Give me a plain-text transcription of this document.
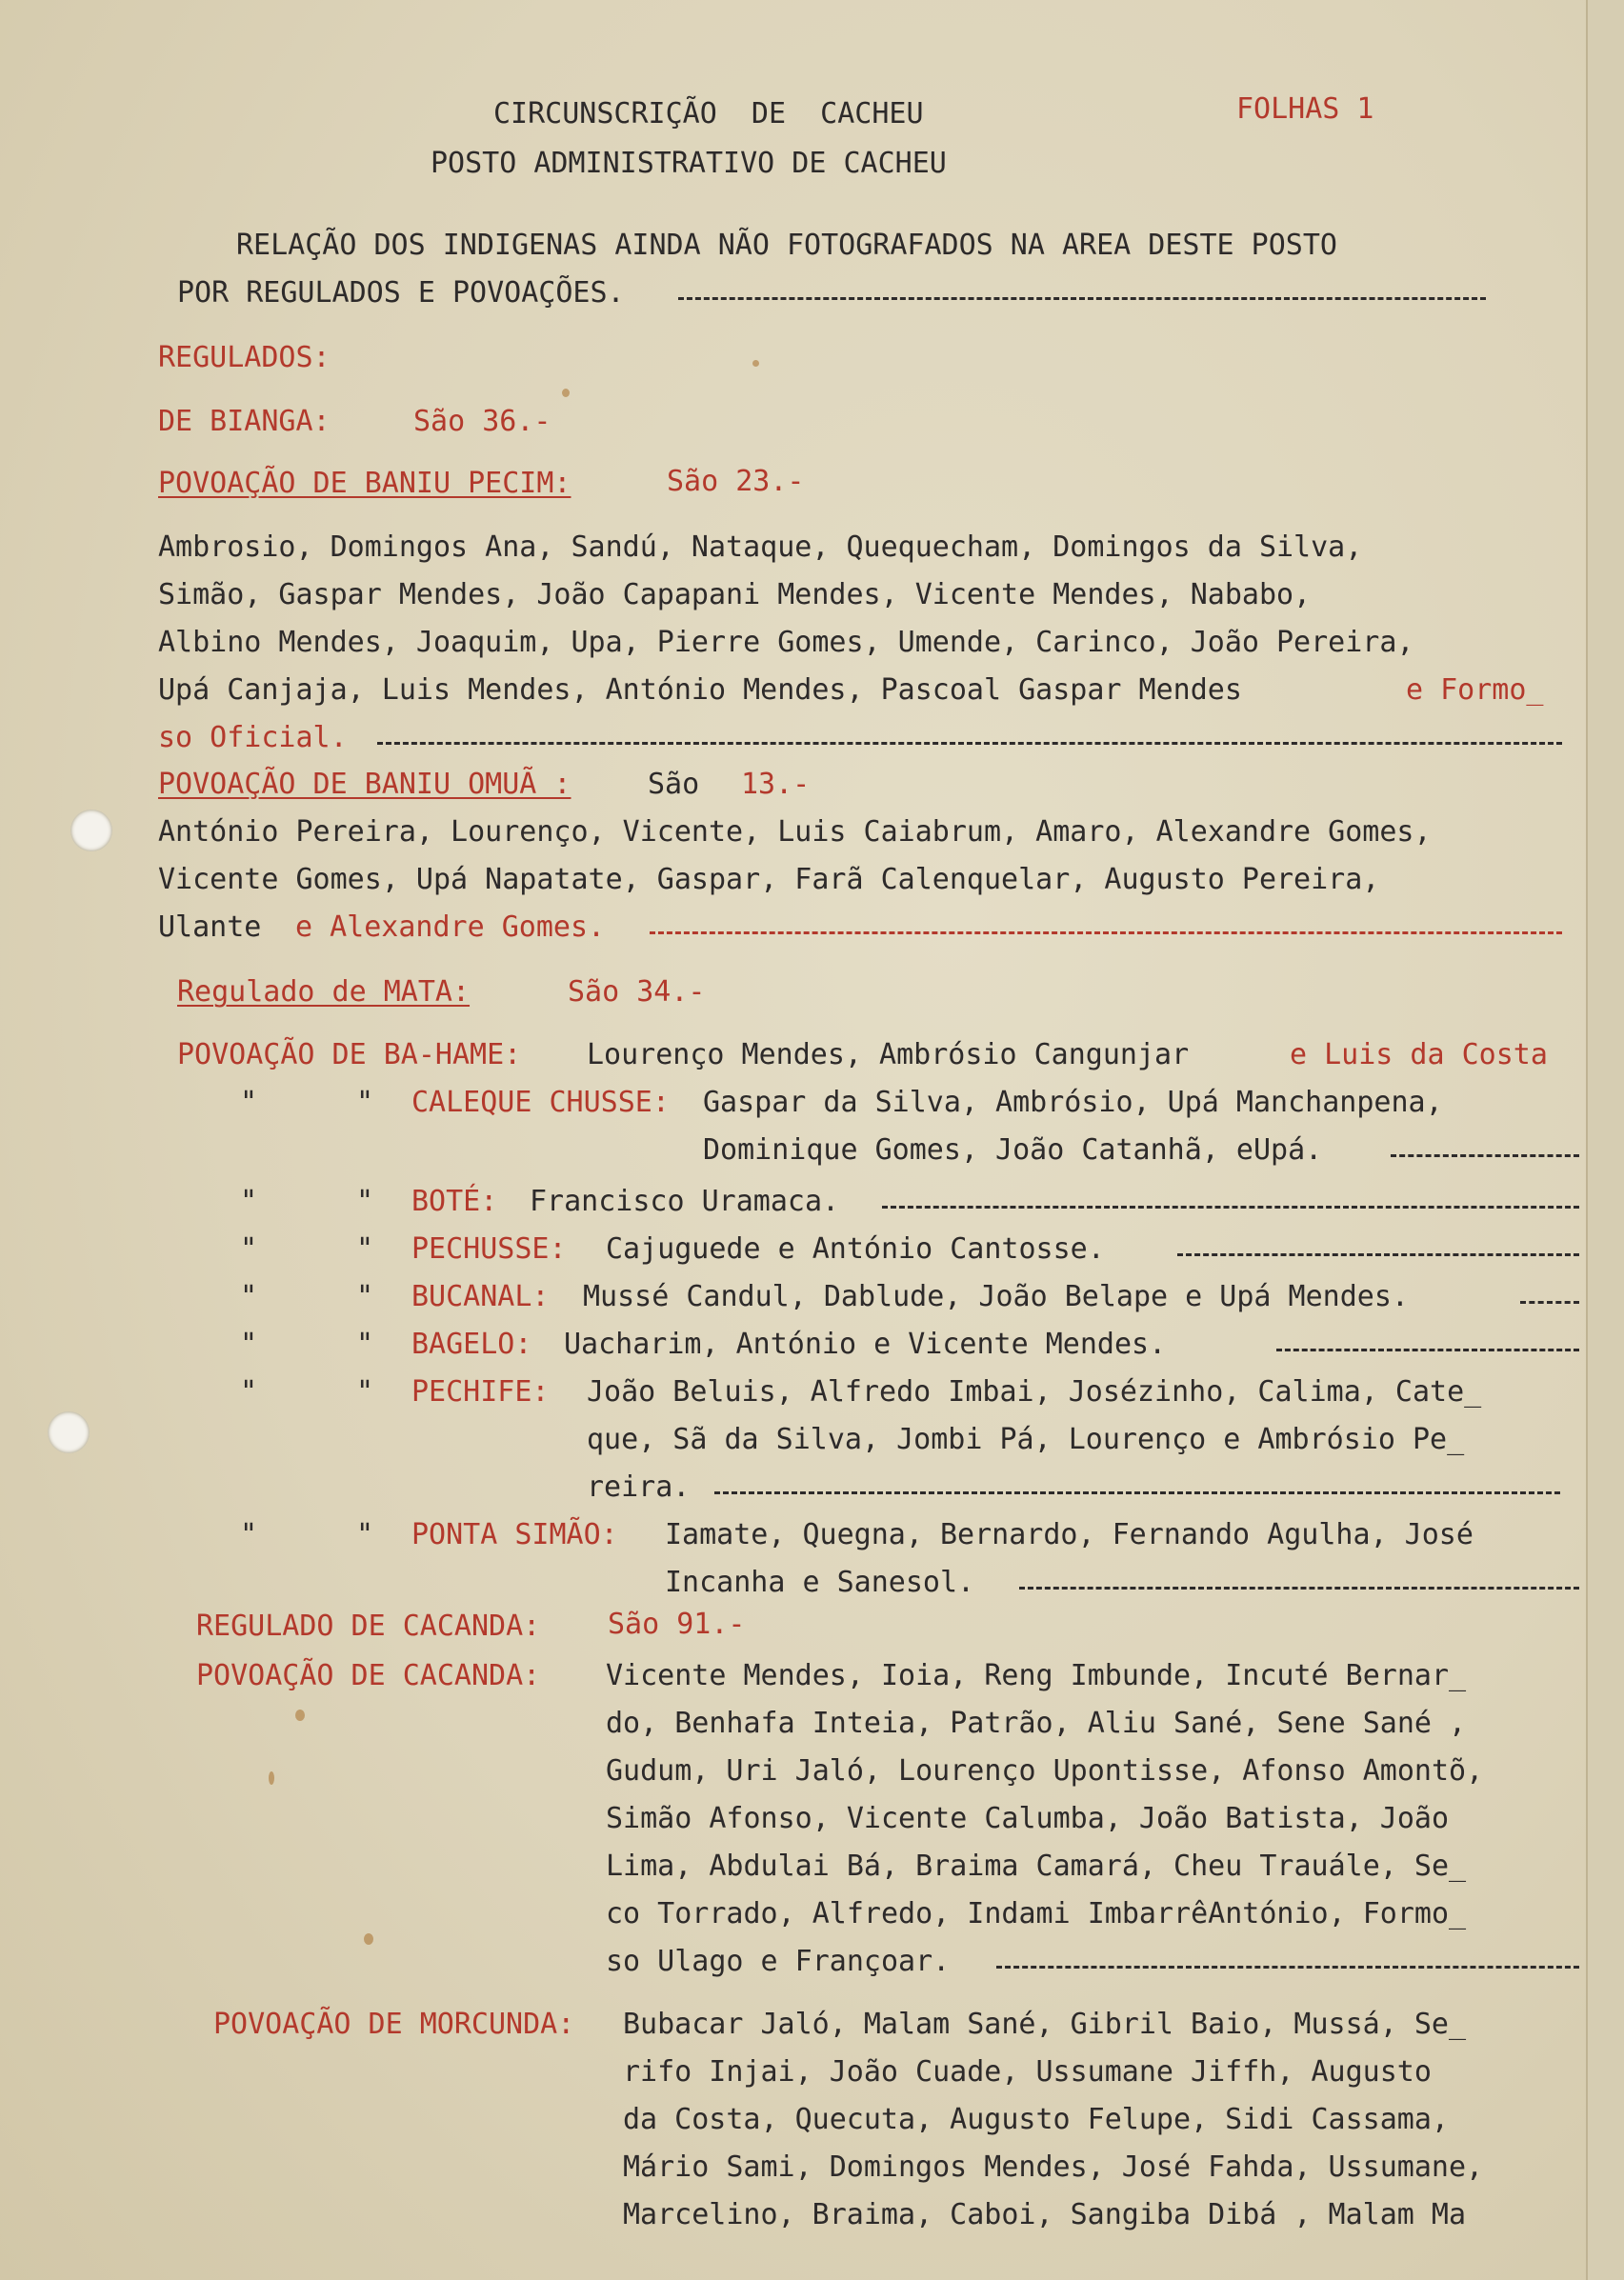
CIRCUNSCRIÇÃO  DE  CACHEU	FOLHAS 1
POSTO ADMINISTRATIVO DE CACHEU
RELAÇÃO DOS INDIGENAS AINDA NÃO FOTOGRAFADOS NA AREA DESTE POSTO
POR REGULADOS E POVOAÇÕES.
REGULADOS:
DE BIANGA:	São 36.-
POVOAÇÃO DE BANIU PECIM:	São 23.-
Ambrosio, Domingos Ana, Sandú, Nataque, Quequecham, Domingos da Silva,
Simão, Gaspar Mendes, João Capapani Mendes, Vicente Mendes, Nababo,
Albino Mendes, Joaquim, Upa, Pierre Gomes, Umende, Carinco, João Pereira,
Upá Canjaja, Luis Mendes, António Mendes, Pascoal Gaspar Mendes	e Formo_
so Oficial.
POVOAÇÃO DE BANIU OMUÃ :	São 13.-
António Pereira, Lourenço, Vicente, Luis Caiabrum, Amaro, Alexandre Gomes,
Vicente Gomes, Upá Napatate, Gaspar, Farã Calenquelar, Augusto Pereira,
Ulante e Alexandre Gomes.
Regulado de MATA:	São 34.-
POVOAÇÃO DE BA-HAME: Lourenço Mendes, Ambrósio Cangunjar	e Luis da Costa
"	" CALEQUE CHUSSE: Gaspar da Silva, Ambrósio, Upá Manchanpena,
Dominique Gomes, João Catanhã, eUpá.
"	" BOTÉ: Francisco Uramaca.
"	" PECHUSSE: Cajuguede e António Cantosse.
"	" BUCANAL: Mussé Candul, Dablude, João Belape e Upá Mendes.
"	" BAGELO: Uacharim, António e Vicente Mendes.
"	" PECHIFE: João Beluis, Alfredo Imbai, Josézinho, Calima, Cate_
que, Sã da Silva, Jombi Pá, Lourenço e Ambrósio Pe_
reira.
"	" PONTA SIMÃO: Iamate, Quegna, Bernardo, Fernando Agulha, José
Incanha e Sanesol.
REGULADO DE CACANDA: São 91.-
POVOAÇÃO DE CACANDA: Vicente Mendes, Ioia, Reng Imbunde, Incuté Bernar_
do, Benhafa Inteia, Patrão, Aliu Sané, Sene Sané ,
Gudum, Uri Jaló, Lourenço Upontisse, Afonso Amontõ,
Simão Afonso, Vicente Calumba, João Batista, João
Lima, Abdulai Bá, Braima Camará, Cheu Trauále, Se_
co Torrado, Alfredo, Indami ImbarrêAntónio, Formo_
so Ulago e Françoar.
POVOAÇÃO DE MORCUNDA: Bubacar Jaló, Malam Sané, Gibril Baio, Mussá, Se_
rifo Injai, João Cuade, Ussumane Jiffh, Augusto
da Costa, Quecuta, Augusto Felupe, Sidi Cassama,
Mário Sami, Domingos Mendes, José Fahda, Ussumane,
Marcelino, Braima, Caboi, Sangiba Dibá , Malam Ma
